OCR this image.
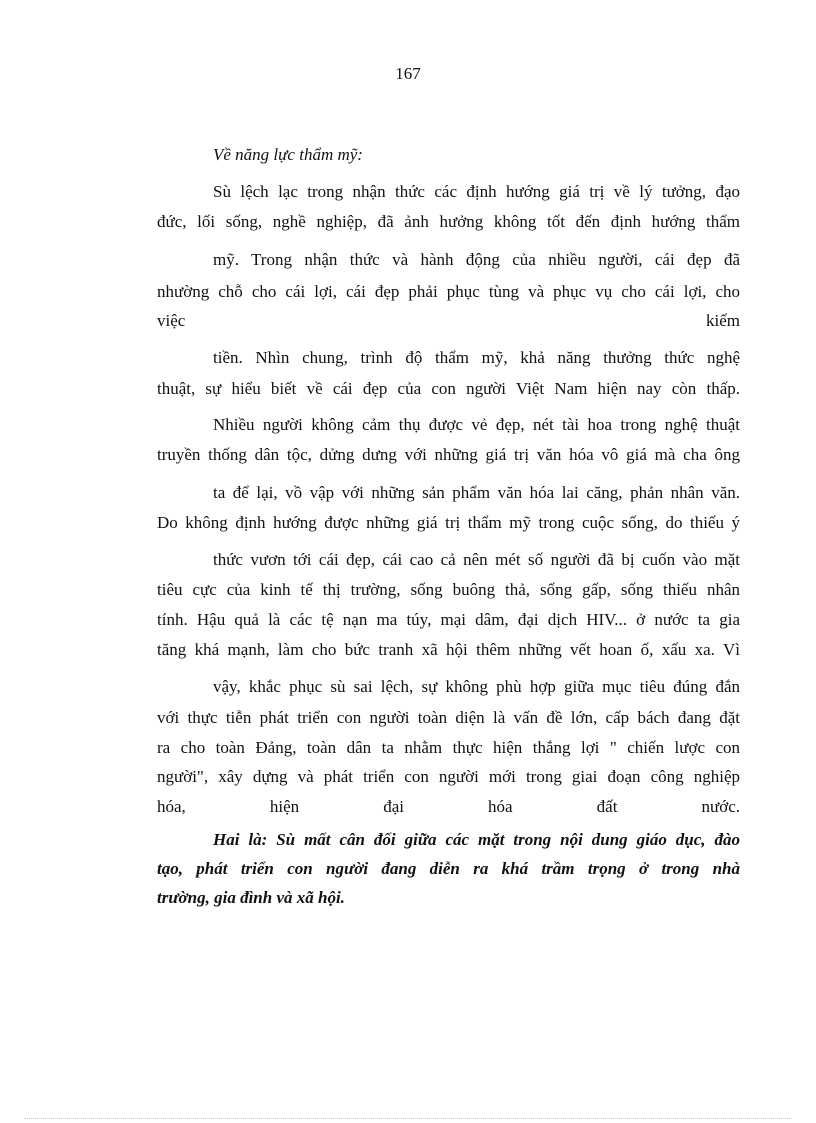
167
Về năng lực thẩm mỹ:
Sù lệch lạc trong nhận thức các định hướng giá trị về lý tưởng, đạo
đức, lối sống, nghề nghiệp, đã ảnh hưởng không tốt đến định hướng thẩm
mỹ. Trong nhận thức và hành động của nhiều người, cái đẹp đã
nhường chỗ cho cái lợi, cái đẹp phải phục tùng và phục vụ cho cái lợi, cho
việc kiếm
tiền. Nhìn chung, trình độ thẩm mỹ, khả năng thưởng thức nghệ
thuật, sự hiểu biết về cái đẹp của con người Việt Nam hiện nay còn thấp.
Nhiều người không cảm thụ được vẻ đẹp, nét tài hoa trong nghệ thuật
truyền thống dân tộc, dửng dưng với những giá trị văn hóa vô giá mà cha ông
ta để lại, vồ vập với những sản phẩm văn hóa lai căng, phản nhân văn.
Do không định hướng được những giá trị thẩm mỹ trong cuộc sống, do thiếu ý
thức vươn tới cái đẹp, cái cao cả nên mét số người đã bị cuốn vào mặt
tiêu cực của kinh tế thị trường, sống buông thả, sống gấp, sống thiếu nhân
tính. Hậu quả là các tệ nạn ma túy, mại dâm, đại dịch HIV... ở nước ta gia
tăng khá mạnh, làm cho bức tranh xã hội thêm những vết hoan ố, xấu xa. Vì
vậy, khắc phục sù sai lệch, sự không phù hợp giữa mục tiêu đúng đắn
với thực tiễn phát triển con người toàn diện là vấn đề lớn, cấp bách đang đặt
ra cho toàn Đảng, toàn dân ta nhằm thực hiện thắng lợi " chiến lược con
người", xây dựng và phát triển con người mới trong giai đoạn công nghiệp
hóa, hiện đại hóa đất nước.
Hai là: Sù mất cân đối giữa các mặt trong nội dung giáo dục, đào
tạo, phát triển con người đang diễn ra khá trầm trọng ở trong nhà
trường, gia đình và xã hội.
